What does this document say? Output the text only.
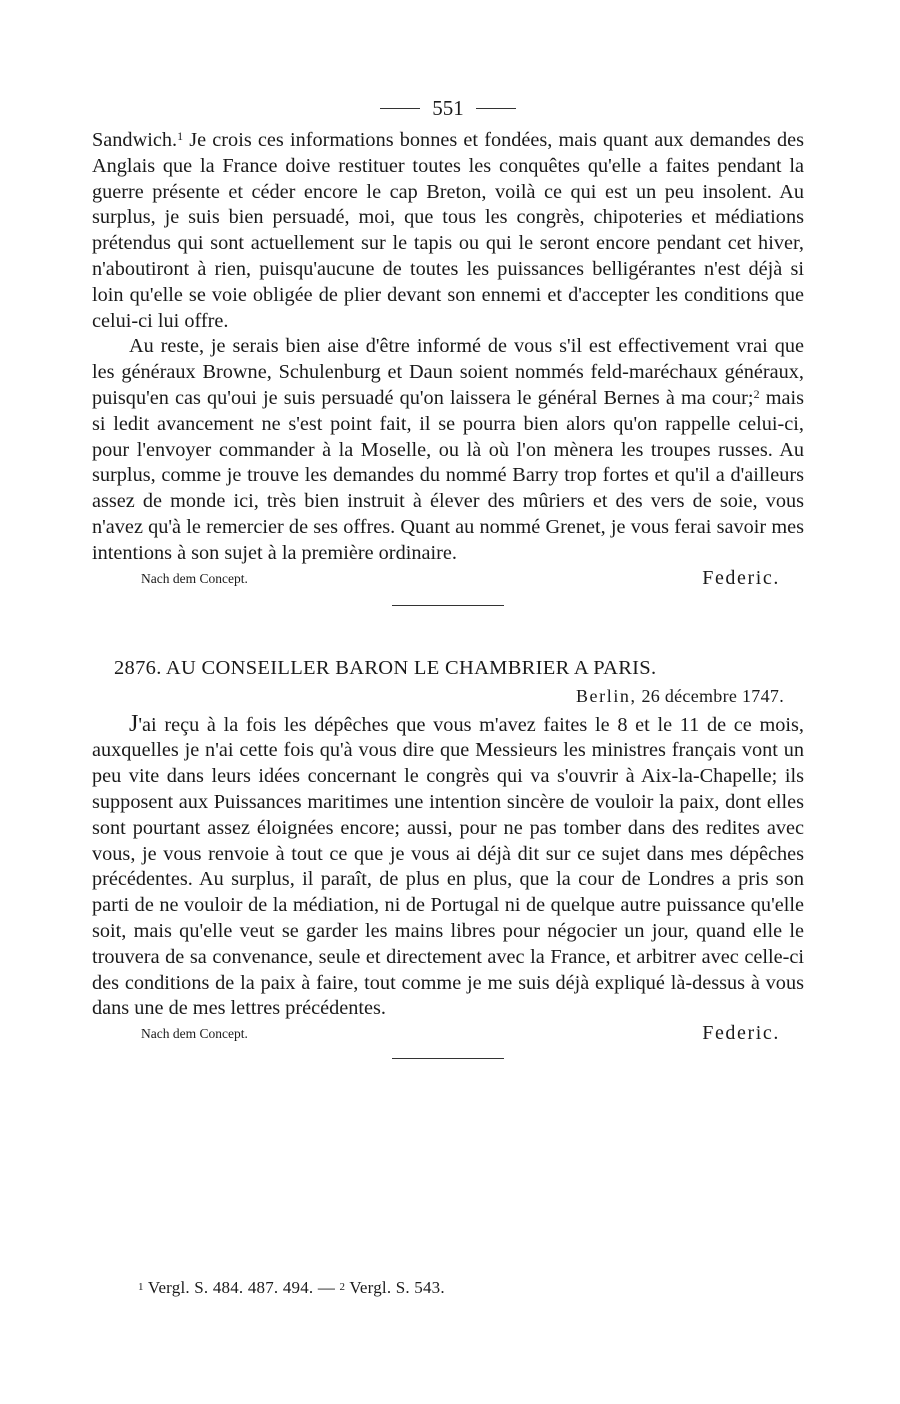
551

Sandwich.$^1$ Je crois ces informations bonnes et fondées, mais quant aux demandes des Anglais que la France doive restituer toutes les conquêtes qu'elle a faites pendant la guerre présente et céder encore le cap Breton, voilà ce qui est un peu insolent. Au surplus, je suis bien persuadé, moi, que tous les congrès, chipoteries et médiations prétendus qui sont actuellement sur le tapis ou qui le seront encore pendant cet hiver, n'aboutiront à rien, puisqu'aucune de toutes les puissances belligérantes n'est déjà si loin qu'elle se voie obligée de plier devant son ennemi et d'accepter les conditions que celui-ci lui offre.

Au reste, je serais bien aise d'être informé de vous s'il est effectivement vrai que les généraux Browne, Schulenburg et Daun soient nommés feld-maréchaux généraux, puisqu'en cas qu'oui je suis persuadé qu'on laissera le général Bernes à ma cour;$^2$ mais si ledit avancement ne s'est point fait, il se pourra bien alors qu'on rappelle celui-ci, pour l'envoyer commander à la Moselle, ou là où l'on mènera les troupes russes. Au surplus, comme je trouve les demandes du nommé Barry trop fortes et qu'il a d'ailleurs assez de monde ici, très bien instruit à élever des mûriers et des vers de soie, vous n'avez qu'à le remercier de ses offres. Quant au nommé Grenet, je vous ferai savoir mes intentions à son sujet à la première ordinaire.

Nach dem Concept.	Federic.
2876. AU CONSEILLER BARON LE CHAMBRIER A PARIS.
Berlin, 26 décembre 1747.

J'ai reçu à la fois les dépêches que vous m'avez faites le 8 et le 11 de ce mois, auxquelles je n'ai cette fois qu'à vous dire que Messieurs les ministres français vont un peu vite dans leurs idées concernant le congrès qui va s'ouvrir à Aix-la-Chapelle; ils supposent aux Puissances maritimes une intention sincère de vouloir la paix, dont elles sont pourtant assez éloignées encore; aussi, pour ne pas tomber dans des redites avec vous, je vous renvoie à tout ce que je vous ai déjà dit sur ce sujet dans mes dépêches précédentes. Au surplus, il paraît, de plus en plus, que la cour de Londres a pris son parti de ne vouloir de la médiation, ni de Portugal ni de quelque autre puissance qu'elle soit, mais qu'elle veut se garder les mains libres pour négocier un jour, quand elle le trouvera de sa convenance, seule et directement avec la France, et arbitrer avec celle-ci des conditions de la paix à faire, tout comme je me suis déjà expliqué là-dessus à vous dans une de mes lettres précédentes.

Nach dem Concept.	Federic.
1 Vergl. S. 484. 487. 494. — 2 Vergl. S. 543.
